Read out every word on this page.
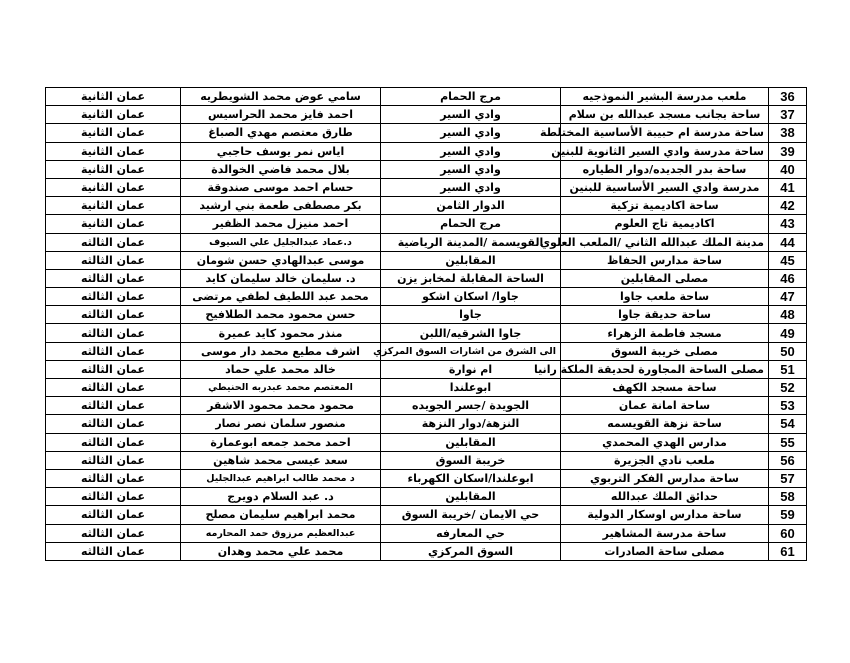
36	ملعب مدرسة البشير النموذجيه	مرج الحمام	سامي عوض محمد الشويطريه	عمان الثانية
37	ساحة بجانب مسجد عبدالله بن سلام	وادي السير	احمد فايز محمد الحراسيس	عمان الثانية
38	ساحة مدرسة ام حبيبة الأساسية المختلطة	وادي السير	طارق معتصم مهدي الصباغ	عمان الثانية
39	ساحة مدرسة وادي السير الثانوية للبنين	وادي السير	اياس نمر يوسف حاجبي	عمان الثانية
40	ساحة بدر الجديده/دوار الطياره	وادي السير	بلال محمد فاضي الخوالدة	عمان الثانية
41	مدرسة وادي السير الأساسية للبنين	وادي السير	حسام احمد موسى صندوقة	عمان الثانية
42	ساحة اكاديمية تزكية	الدوار الثامن	بكر مصطفى طعمة بني ارشيد	عمان الثانية
43	اكاديمية تاج العلوم	مرج الحمام	احمد منيزل محمد الظفير	عمان الثانية
44	مدينة الملك عبدالله الثاني /الملعب العلوي	القويسمة /المدينة الرياضية	د.عماد عبدالجليل علي السيوف	عمان الثالثه
45	ساحة مدارس الحفاظ	المقابلين	موسى عبدالهادي حسن شومان	عمان الثالثه
46	مصلى المقابلين	الساحة المقابلة لمخابز يزن	د. سليمان خالد سليمان كايد	عمان الثالثه
47	ساحة ملعب جاوا	جاوا/ اسكان اشكو	محمد عبد اللطيف لطفي مرتضى	عمان الثالثه
48	ساحة حديقة جاوا	جاوا	حسن محمود محمد الطلافيح	عمان الثالثه
49	مسجد فاطمة الزهراء	جاوا الشرقيه/اللبن	منذر محمود كايد عميرة	عمان الثالثه
50	مصلى خريبة السوق	الى الشرق من اشارات السوق المركزي	اشرف مطيع محمد دار موسى	عمان الثالثه
51	مصلى الساحة المجاورة لحديقة الملكة رانيا	ام نوارة	خالد محمد علي حماد	عمان الثالثه
52	ساحة مسجد الكهف	ابوعلندا	المعتصم محمد عبدربه الحنيطي	عمان الثالثه
53	ساحة امانة عمان	الجويدة /جسر الجويده	محمود محمد محمود الاشقر	عمان الثالثه
54	ساحة نزهة القويسمه	النزهة/دوار النزهة	منصور سلمان نصر نصار	عمان الثالثه
55	مدارس الهدي المحمدي	المقابلين	احمد محمد جمعه ابوعمارة	عمان الثالثه
56	ملعب نادي الجزيرة	خريبة السوق	سعد عيسى محمد شاهين	عمان الثالثه
57	ساحة مدارس الفكر التربوي	ابوعلندا/اسكان الكهرباء	د محمد طالب ابراهيم عبدالجليل	عمان الثالثه
58	حدائق الملك عبدالله	المقابلين	د. عبد السلام دويرج	عمان الثالثه
59	ساحة مدارس اوسكار الدولية	حي الايمان /خريبة السوق	محمد ابراهيم سليمان مصلح	عمان الثالثه
60	ساحة مدرسة المشاهير	حي المعارفه	عبدالعظيم مرزوق حمد المحارمه	عمان الثالثه
61	مصلى ساحة الصادرات	السوق المركزي	محمد علي محمد وهدان	عمان الثالثه
